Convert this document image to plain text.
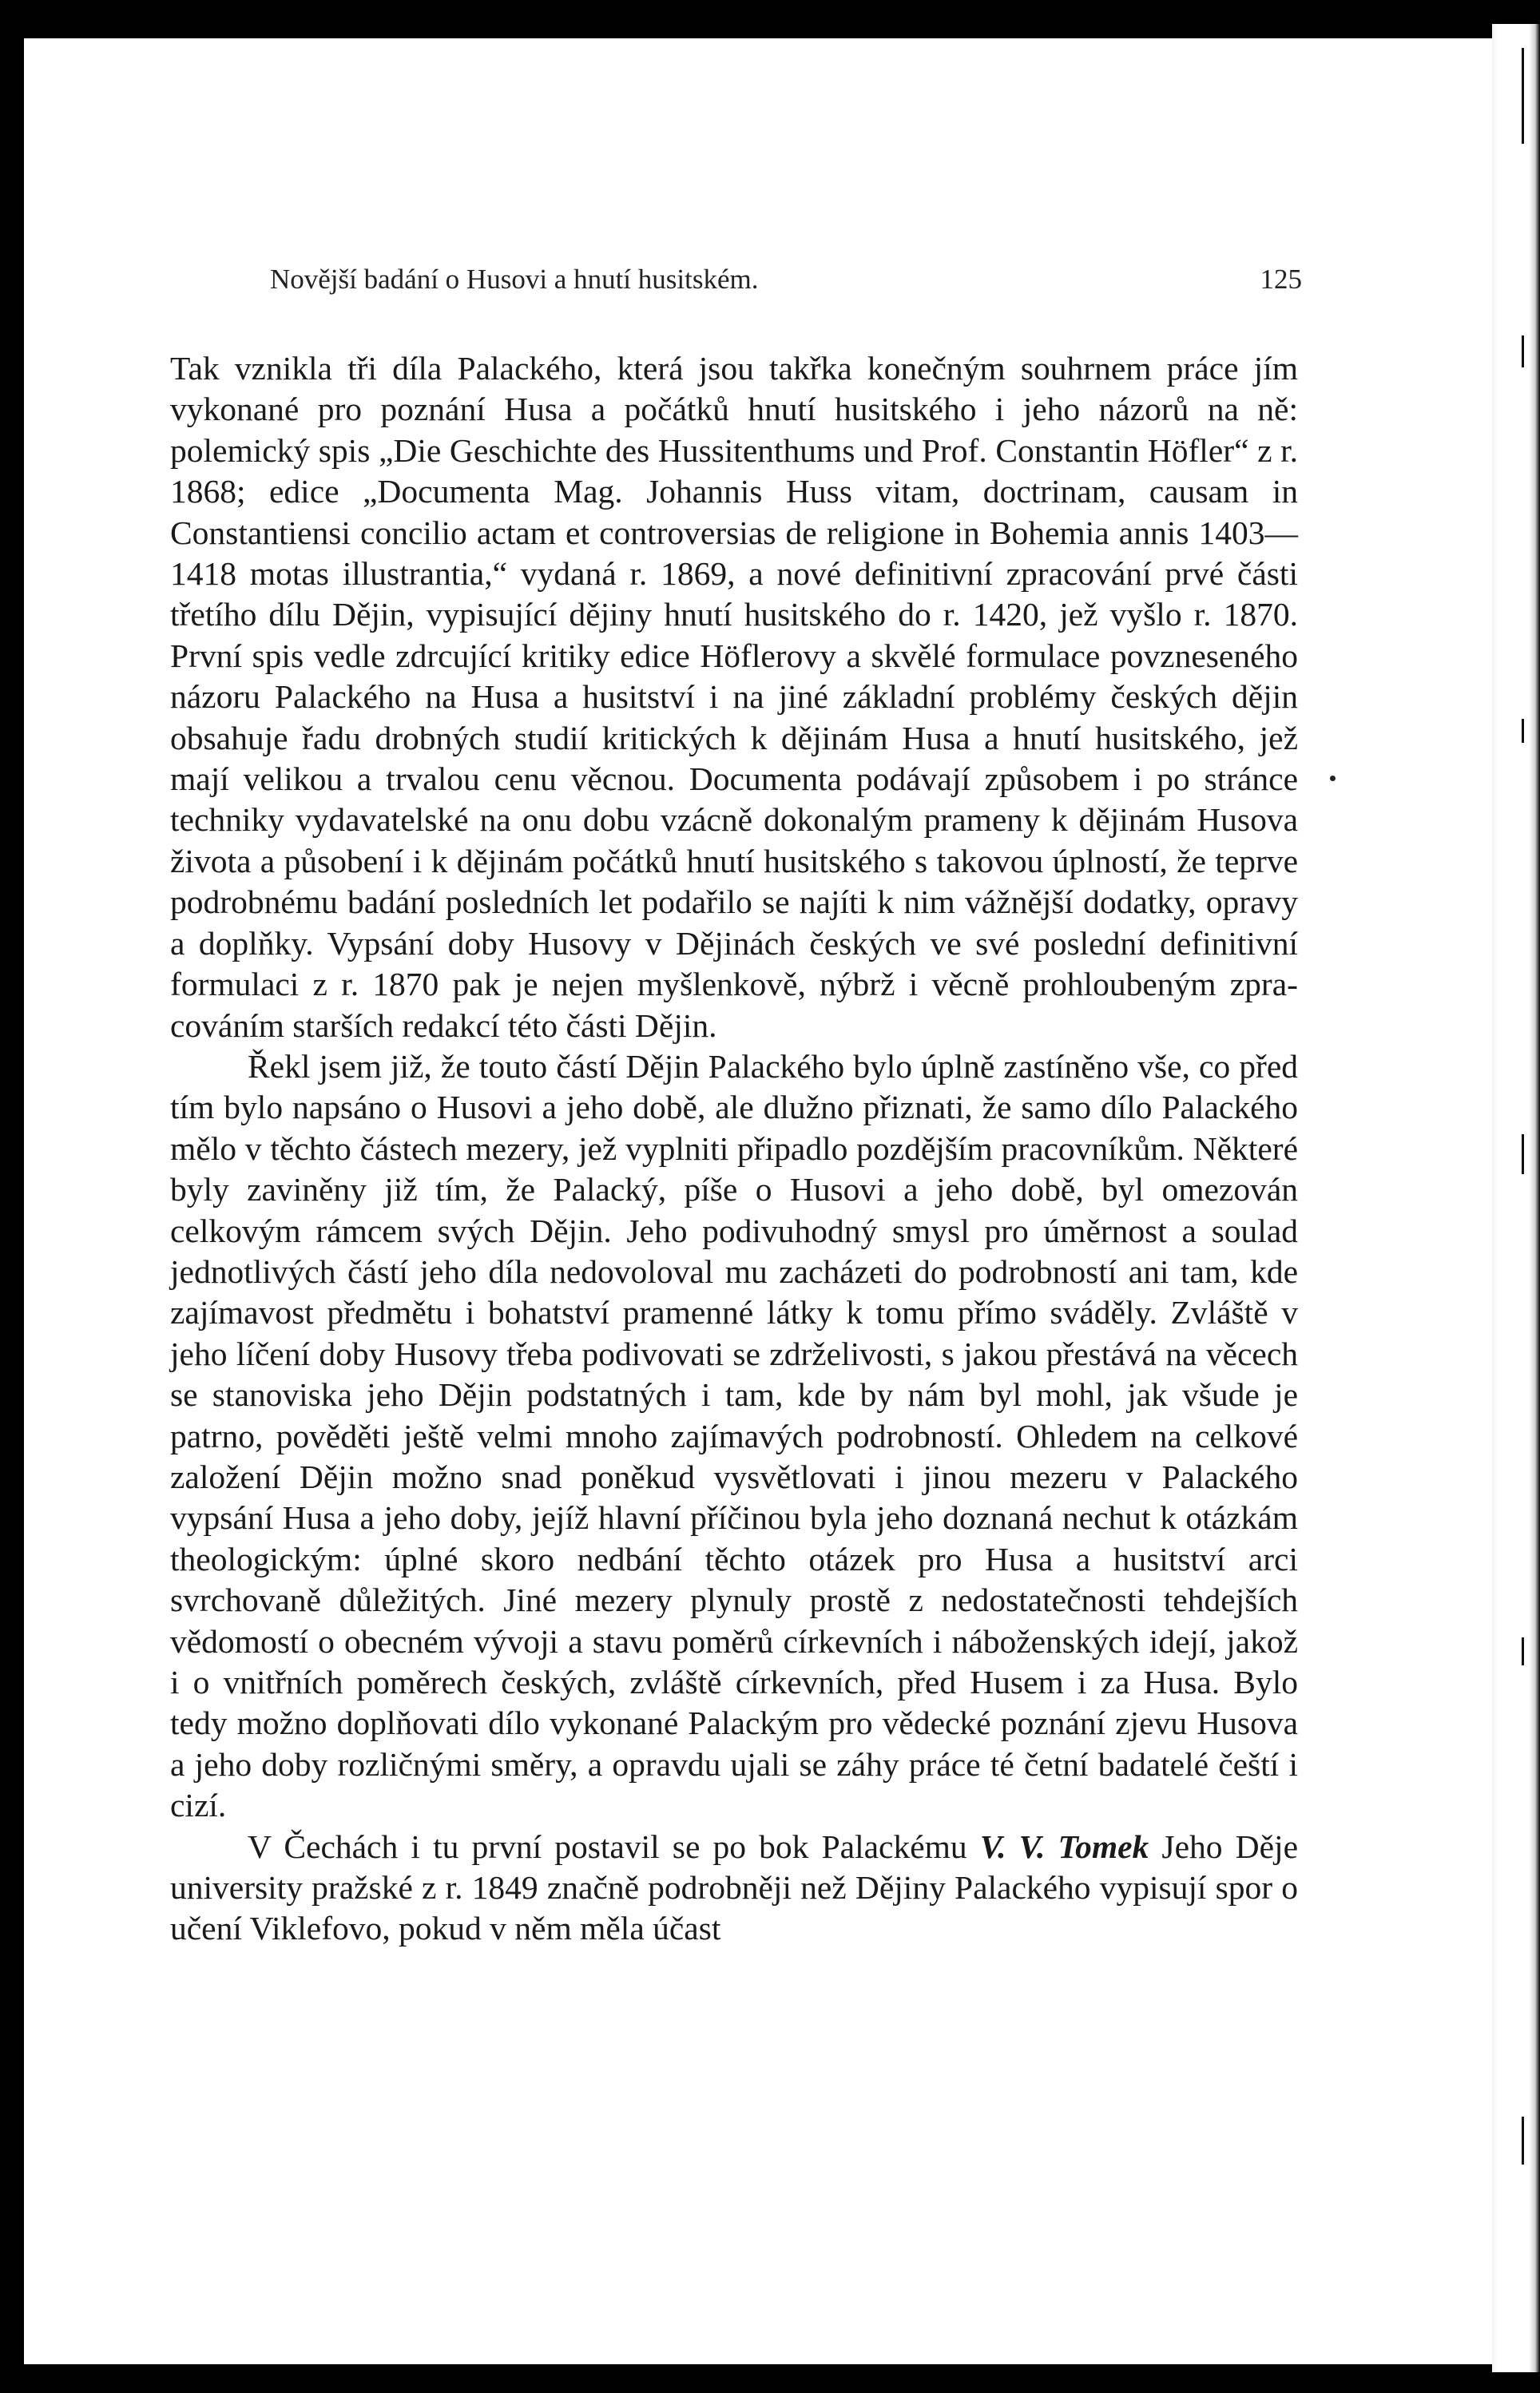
Novější badání o Husovi a hnutí husitském.	125

Tak vznikla tři díla Palackého, která jsou takřka konečným souhrnem práce jím vykonané pro poznání Husa a počátků hnutí husitského i jeho názorů na ně: polemický spis „Die Geschichte des Hussitenthums und Prof. Constantin Höfler“ z r. 1868; edice „Documenta Mag. Johannis Huss vitam, doctrinam, causam in Constantiensi concilio actam et controversias de religione in Bohemia annis 1403—1418 motas illustrantia,“ vydaná r. 1869, a nové definitivní zpracování prvé části třetího dílu Dějin, vypisující dějiny hnutí husitského do r. 1420, jež vyšlo r. 1870. První spis vedle zdrcující kritiky edice Höflerovy a skvělé formulace povzneseného názoru Palackého na Husa a husitství i na jiné základní problémy českých dějin obsahuje řadu drobných studií kritických k dějinám Husa a hnutí husitského, jež mají velikou a trvalou cenu věcnou. Documenta podávají způsobem i po stránce techniky vydavatelské na onu dobu vzácně dokonalým prameny k dějinám Husova života a působení i k dějinám počátků hnutí husitského s takovou úplností, že teprve podrobnému badání posledních let podařilo se najíti k nim vážnější dodatky, opravy a doplňky. Vypsání doby Husovy v Dějinách českých ve své poslední definitivní formulaci z r. 1870 pak je nejen myšlenkově, nýbrž i věcně prohloubeným zpracováním starších redakcí této části Dějin.

Řekl jsem již, že touto částí Dějin Palackého bylo úplně zastíněno vše, co před tím bylo napsáno o Husovi a jeho době, ale dlužno přiznati, že samo dílo Palackého mělo v těchto částech mezery, jež vyplniti připadlo pozdějším pracovníkům. Některé byly zaviněny již tím, že Palacký, píše o Husovi a jeho době, byl omezován celkovým rámcem svých Dějin. Jeho podivuhodný smysl pro úměrnost a soulad jednotlivých částí jeho díla nedovoloval mu zacházeti do podrobností ani tam, kde zajímavost předmětu i bohatství pramenné látky k tomu přímo sváděly. Zvláště v jeho líčení doby Husovy třeba podivovati se zdrželivosti, s jakou přestává na věcech se stanoviska jeho Dějin podstatných i tam, kde by nám byl mohl, jak všude je patrno, pověděti ještě velmi mnoho zajímavých podrobností. Ohledem na celkové založení Dějin možno snad poněkud vysvětlovati i jinou mezeru v Palackého vypsání Husa a jeho doby, jejíž hlavní příčinou byla jeho doznaná nechut k otázkám theologickým: úplné skoro nedbání těchto otázek pro Husa a husitství arci svrchovaně důležitých. Jiné mezery plynuly prostě z nedostatečnosti tehdejších vědomostí o obecném vývoji a stavu poměrů církevních i náboženských idejí, jakož i o vnitřních poměrech českých, zvláště církevních, před Husem i za Husa. Bylo tedy možno doplňovati dílo vykonané Palackým pro vědecké poznání zjevu Husova a jeho doby rozličnými směry, a opravdu ujali se záhy práce té četní badatelé čeští i cizí.

V Čechách i tu první postavil se po bok Palackému V. V. Tomek Jeho Děje university pražské z r. 1849 značně podrobněji než Dějiny Palackého vypisují spor o učení Viklefovo, pokud v něm měla účast
